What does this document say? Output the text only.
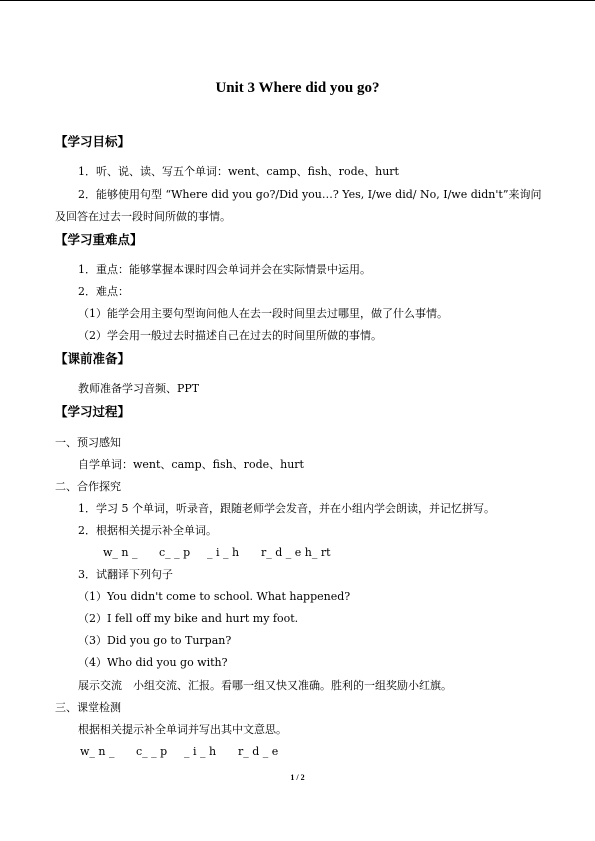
Unit 3 Where did you go?
【学习目标】
1．听、说、读、写五个单词：went、camp、fish、rode、hurt
2．能够使用句型 “Where did you go?/Did you…? Yes, I/we did/ No, I/we didn't”来询问
及回答在过去一段时间所做的事情。
【学习重难点】
1．重点：能够掌握本课时四会单词并会在实际情景中运用。
2．难点：
（1）能学会用主要句型询问他人在去一段时间里去过哪里，做了什么事情。
（2）学会用一般过去时描述自己在过去的时间里所做的事情。
【课前准备】
教师准备学习音频、PPT
【学习过程】
一、预习感知
自学单词：went、camp、fish、rode、hurt
二、合作探究
1．学习 5 个单词，听录音，跟随老师学会发音，并在小组内学会朗读，并记忆拼写。
2．根据相关提示补全单词。
w_ n _ c_ _ p _ i _ h r_ d _ e h_ rt
3．试翻译下列句子
（1）You didn't come to school. What happened?
（2）I fell off my bike and hurt my foot.
（3）Did you go to Turpan?
（4）Who did you go with?
展示交流　小组交流、汇报。看哪一组又快又准确。胜利的一组奖励小红旗。
三、课堂检测
根据相关提示补全单词并写出其中文意思。
w_ n _ c_ _ p _ i _ h r_ d _ e
1 / 2
